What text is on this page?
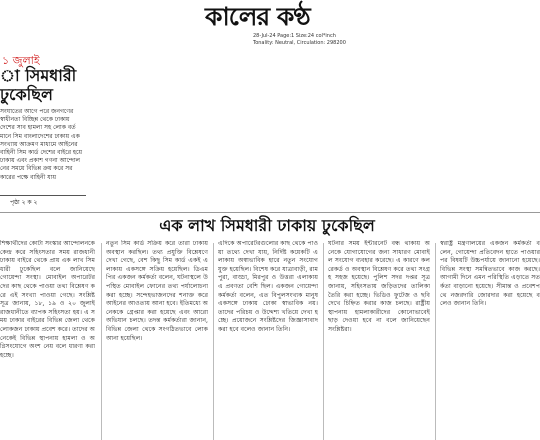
কালের কণ্ঠ
28-Jul-24 Page:1 Size:24 col*inch
Tonality: Neutral, Circulation: 298200
১ জুলাই
া সিমধারী
ঢুকেছিল
সংঘাতের আগে পরে জনগণের স্বাধীনতা বিচ্ছিন্ন থেকে ঢাকায় দেশের সাব হামলা সহ লোক বর্তমানে সিম বাংলাদেশের ঢাকায় এক সংখ্যায় আক্রমণ মাধ্যমে আইনের বাহিনী সিম কার্ড দেশের বাইরে হয়ে ঢাকায় এবং প্রকাশ গণনা আন্দোলনের সময়ে বিভিন্ন ক্রয় করে সরকারের পক্ষে বাহিনী যায়
পৃষ্ঠা ২ ক ২
এক লাখ সিমধারী ঢাকায় ঢুকেছিল
শিক্ষার্থীদের কোটা সংস্কার আন্দোলনকে কেন্দ্র করে সহিংসতার সময় রাজধানী ঢাকায় বাইরে থেকে প্রায় এক লাখ সিমধারী ঢুকেছিল বলে জানিয়েছে গোয়েন্দা সংস্থা। মোবাইল অপারেটরদের কাছ থেকে পাওয়া তথ্য বিশ্লেষণ করে এই সংখ্যা পাওয়া গেছে। সংশ্লিষ্ট সূত্র জানায়, ১৮, ১৯ ও ২০ জুলাই রাজধানীতে ব্যাপক সহিংসতা হয়। এ সময় ঢাকার বাইরের বিভিন্ন জেলা থেকে লোকজন ঢাকায় প্রবেশ করে। তাদের অনেকেই বিভিন্ন স্থাপনায় হামলা ও অগ্নিসংযোগে অংশ নেয় বলে ধারণা করা হচ্ছে।
নতুন সিম কার্ড সক্রিয় করে তারা ঢাকায় অবস্থান করছিল। তথ্য প্রযুক্তি বিশ্লেষণে দেখা গেছে, বেশ কিছু সিম কার্ড একই এলাকায় একসঙ্গে সক্রিয় হয়েছিল। ডিএমপির একজন কর্মকর্তা বলেন, ঘটনাস্থলে উপস্থিত মোবাইল ফোনের তথ্য পর্যালোচনা করা হচ্ছে। সন্দেহভাজনদের শনাক্ত করে আইনের আওতায় আনা হবে। ইতিমধ্যে অনেককে গ্রেপ্তার করা হয়েছে এবং আরো অভিযান চলছে। তদন্ত কর্মকর্তারা জানান, বিভিন্ন জেলা থেকে সংগঠিতভাবে লোক আনা হয়েছিল।
এদিকে অপারেটরগুলোর কাছ থেকে পাওয়া তথ্যে দেখা যায়, নির্দিষ্ট কয়েকটি এলাকায় অস্বাভাবিক হারে নতুন সংযোগ যুক্ত হয়েছিল। বিশেষ করে যাত্রাবাড়ী, রামপুরা, বাড্ডা, মিরপুর ও উত্তরা এলাকায় এ প্রবণতা বেশি ছিল। একজন গোয়েন্দা কর্মকর্তা বলেন, এত বিপুলসংখ্যক মানুষ একসঙ্গে ঢাকায় ঢোকা স্বাভাবিক নয়। তাদের পরিচয় ও উদ্দেশ্য খতিয়ে দেখা হচ্ছে। প্রয়োজনে সংশ্লিষ্টদের জিজ্ঞাসাবাদ করা হবে বলেও জানান তিনি।
ঘটনার সময় ইন্টারনেট বন্ধ থাকায় অনেকে যোগাযোগের জন্য সাধারণ মোবাইল সংযোগ ব্যবহার করেছে। এ কারণে কল রেকর্ড ও অবস্থান বিশ্লেষণ করে তথ্য সংগ্রহ সহজ হয়েছে। পুলিশ সদর দপ্তর সূত্র জানায়, সহিংসতায় জড়িতদের তালিকা তৈরি করা হচ্ছে। ভিডিও ফুটেজ ও ছবি দেখে চিহ্নিত করার কাজ চলছে। রাষ্ট্রীয় স্থাপনায় হামলাকারীদের কোনোভাবেই ছাড় দেওয়া হবে না বলে জানিয়েছেন সংশ্লিষ্টরা।
স্বরাষ্ট্র মন্ত্রণালয়ের একজন কর্মকর্তা বলেন, গোয়েন্দা প্রতিবেদন হাতে পাওয়ার পর বিষয়টি উচ্চপর্যায়ে জানানো হয়েছে। বিভিন্ন সংস্থা সমন্বিতভাবে কাজ করছে। আগামী দিনে এমন পরিস্থিতি এড়াতে সতর্কতা বাড়ানো হয়েছে। সীমান্ত ও প্রবেশপথে নজরদারি জোরদার করা হয়েছে বলেও জানান তিনি।
